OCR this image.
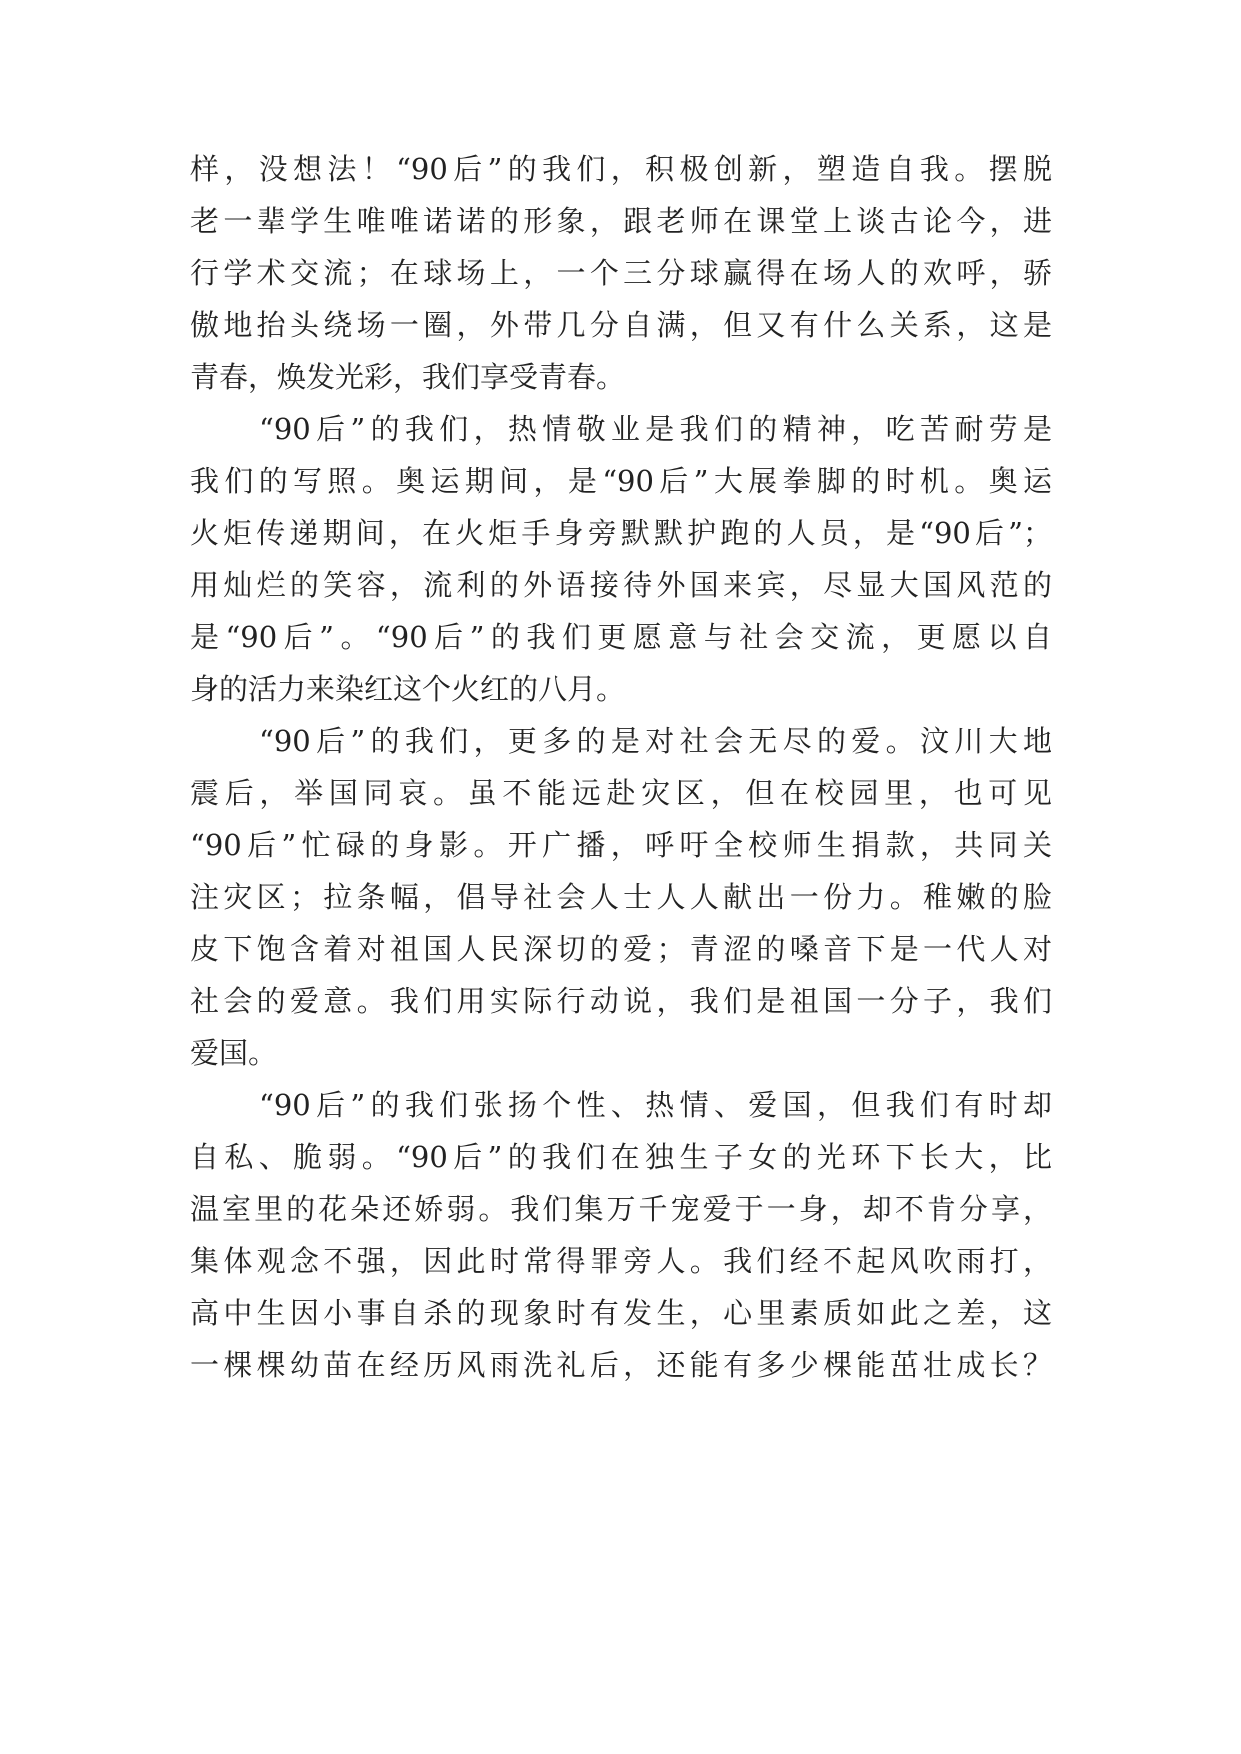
样，没想法！“90后”的我们，积极创新，塑造自我。摆脱
老一辈学生唯唯诺诺的形象，跟老师在课堂上谈古论今，进
行学术交流；在球场上，一个三分球赢得在场人的欢呼，骄
傲地抬头绕场一圈，外带几分自满，但又有什么关系，这是
青春，焕发光彩，我们享受青春。
“90后”的我们，热情敬业是我们的精神，吃苦耐劳是
我们的写照。奥运期间，是“90后”大展拳脚的时机。奥运
火炬传递期间，在火炬手身旁默默护跑的人员，是“90后”；
用灿烂的笑容，流利的外语接待外国来宾，尽显大国风范的
是“90后”。“90后”的我们更愿意与社会交流，更愿以自
身的活力来染红这个火红的八月。
“90后”的我们，更多的是对社会无尽的爱。汶川大地
震后，举国同哀。虽不能远赴灾区，但在校园里，也可见
“90后”忙碌的身影。开广播，呼吁全校师生捐款，共同关
注灾区；拉条幅，倡导社会人士人人献出一份力。稚嫩的脸
皮下饱含着对祖国人民深切的爱；青涩的嗓音下是一代人对
社会的爱意。我们用实际行动说，我们是祖国一分子，我们
爱国。
“90后”的我们张扬个性、热情、爱国，但我们有时却
自私、脆弱。“90后”的我们在独生子女的光环下长大，比
温室里的花朵还娇弱。我们集万千宠爱于一身，却不肯分享，
集体观念不强，因此时常得罪旁人。我们经不起风吹雨打，
高中生因小事自杀的现象时有发生，心里素质如此之差，这
一棵棵幼苗在经历风雨洗礼后，还能有多少棵能茁壮成长？
